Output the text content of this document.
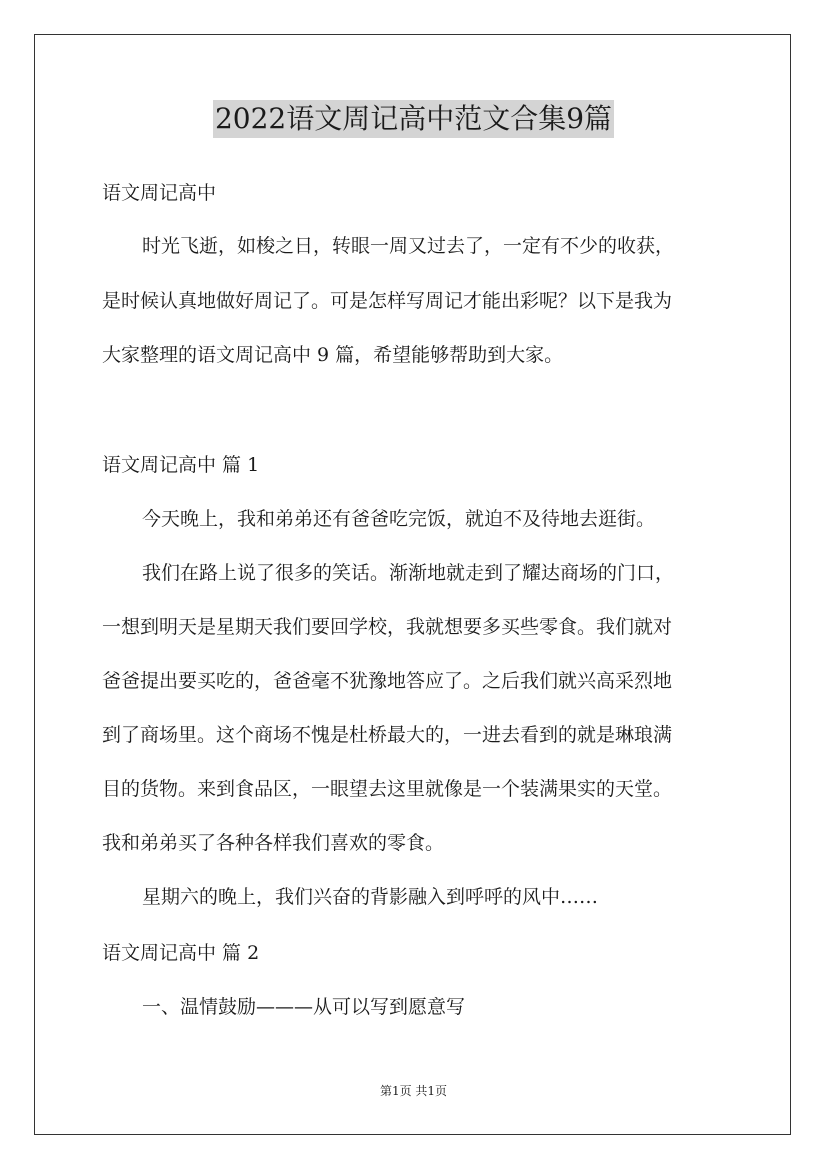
2022语文周记高中范文合集9篇
语文周记高中
时光飞逝，如梭之日，转眼一周又过去了，一定有不少的收获，
是时候认真地做好周记了。可是怎样写周记才能出彩呢？以下是我为
大家整理的语文周记高中 9 篇，希望能够帮助到大家。
语文周记高中 篇 1
今天晚上，我和弟弟还有爸爸吃完饭，就迫不及待地去逛街。
我们在路上说了很多的笑话。渐渐地就走到了耀达商场的门口，
一想到明天是星期天我们要回学校，我就想要多买些零食。我们就对
爸爸提出要买吃的，爸爸毫不犹豫地答应了。之后我们就兴高采烈地
到了商场里。这个商场不愧是杜桥最大的，一进去看到的就是琳琅满
目的货物。来到食品区，一眼望去这里就像是一个装满果实的天堂。
我和弟弟买了各种各样我们喜欢的零食。
星期六的晚上，我们兴奋的背影融入到呼呼的风中……
语文周记高中 篇 2
一、温情鼓励———从可以写到愿意写
第1页 共1页
